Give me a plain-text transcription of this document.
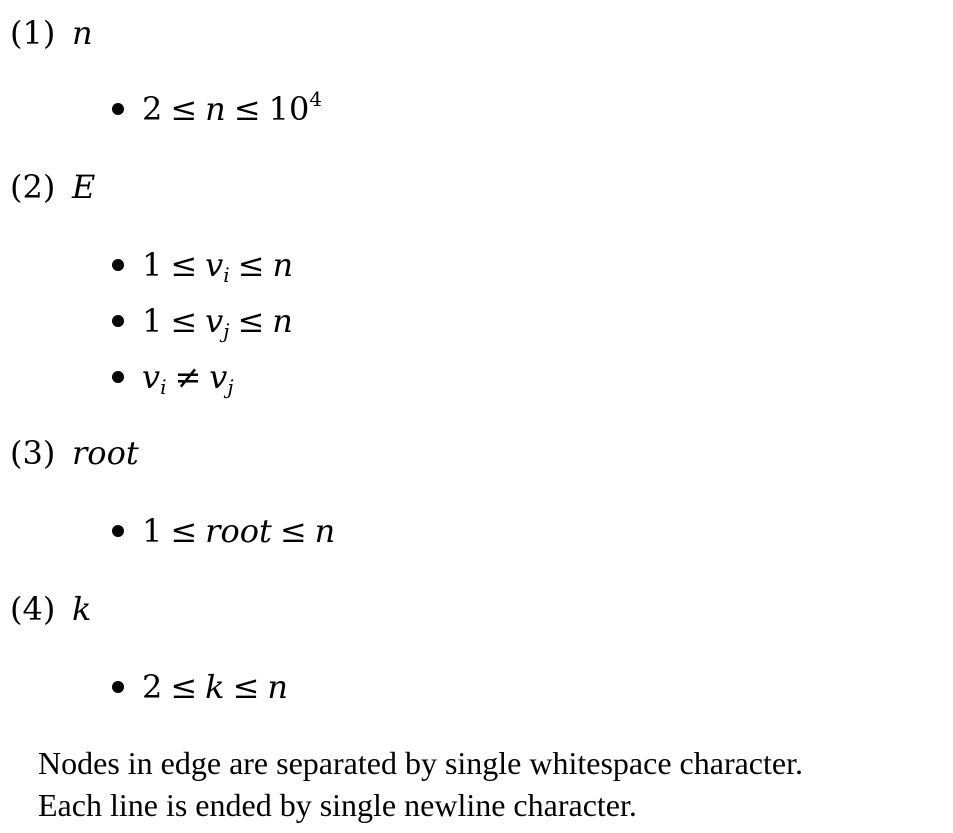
(1) n
$2 \le n \le 10^4$
(2) E
$1 \le v_i \le n$
$1 \le v_j \le n$
$v_i \ne v_j$
(3) root
1 ≤ root ≤ n
(4) k
2 ≤ k ≤ n
Nodes in edge are separated by single whitespace character.
Each line is ended by single newline character.
